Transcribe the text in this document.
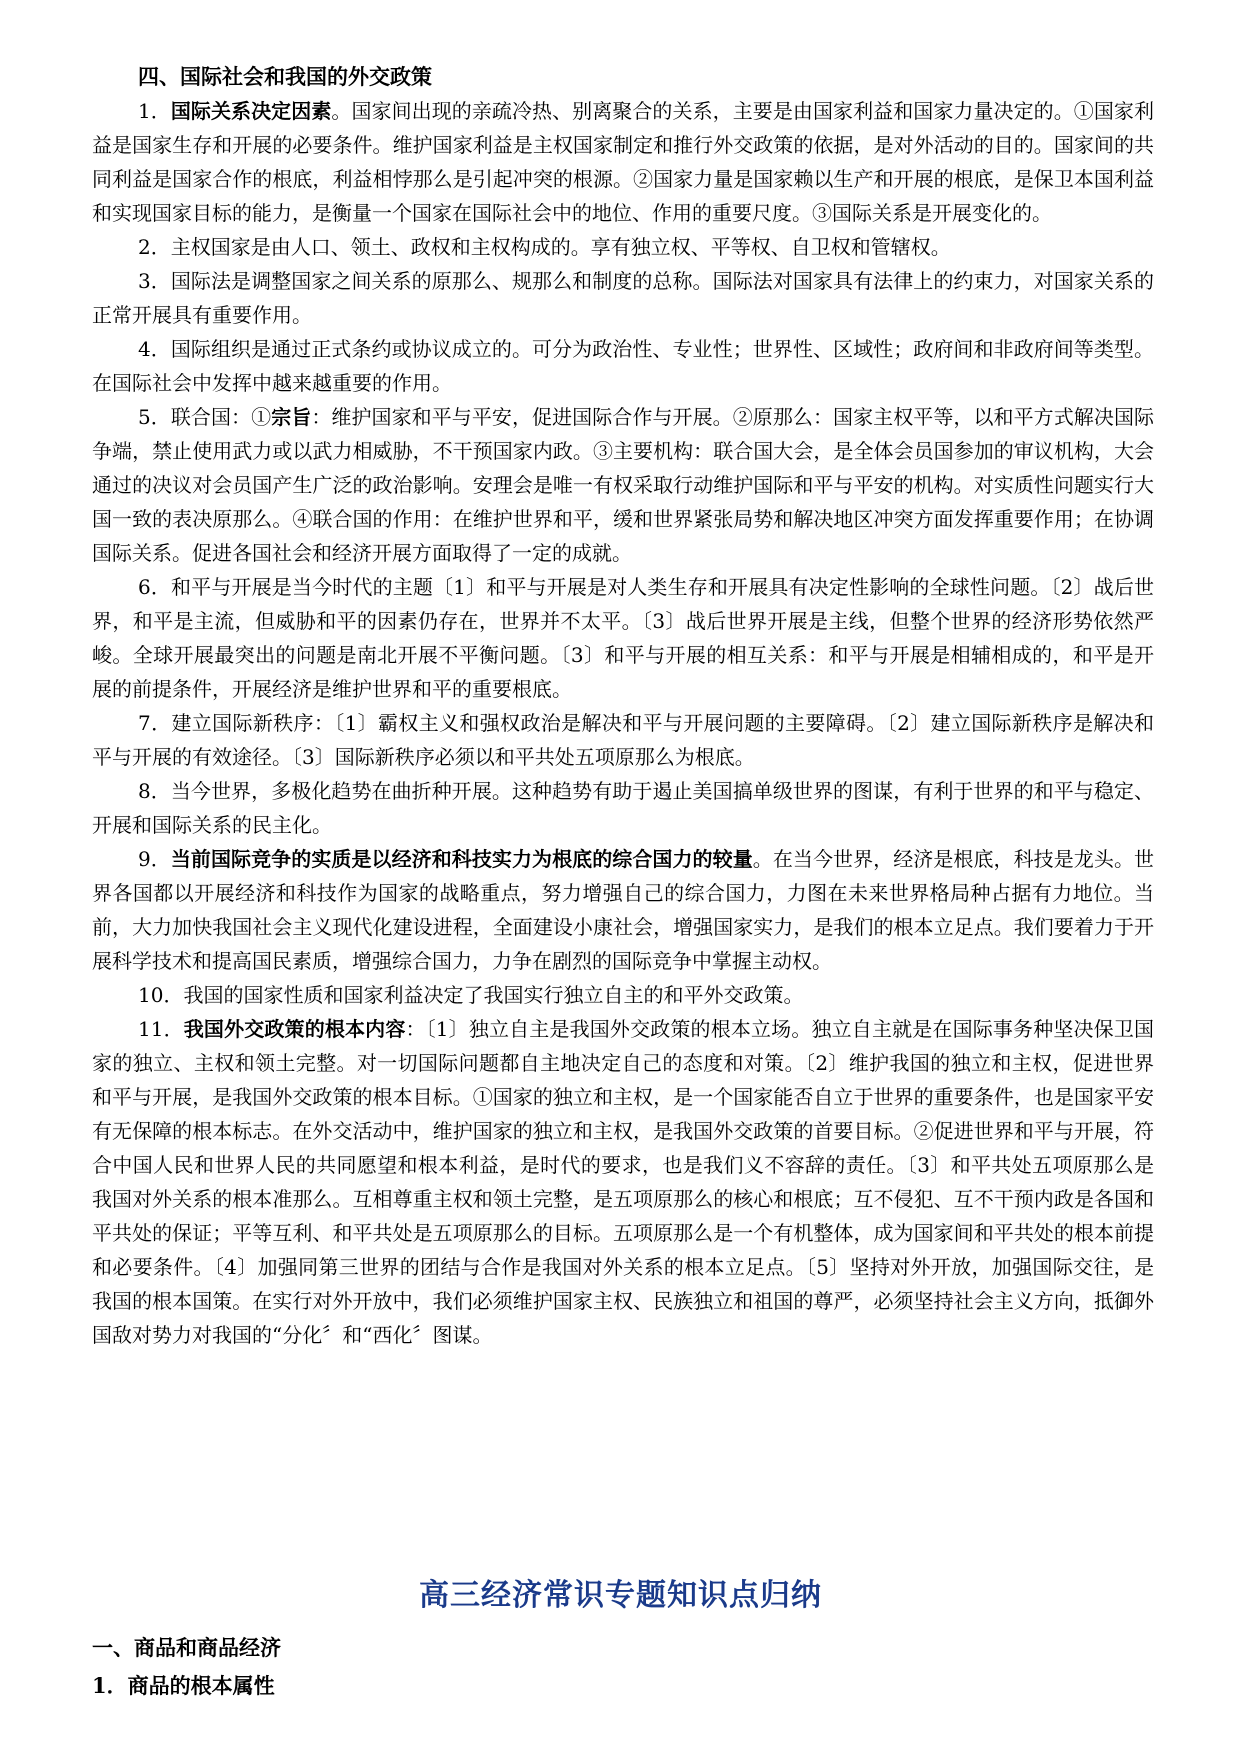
四、国际社会和我国的外交政策

1．国际关系决定因素。国家间出现的亲疏冷热、别离聚合的关系，主要是由国家利益和国家力量决定的。①国家利益是国家生存和开展的必要条件。维护国家利益是主权国家制定和推行外交政策的依据，是对外活动的目的。国家间的共同利益是国家合作的根底，利益相悖那么是引起冲突的根源。②国家力量是国家赖以生产和开展的根底，是保卫本国利益和实现国家目标的能力，是衡量一个国家在国际社会中的地位、作用的重要尺度。③国际关系是开展变化的。

2．主权国家是由人口、领土、政权和主权构成的。享有独立权、平等权、自卫权和管辖权。

3．国际法是调整国家之间关系的原那么、规那么和制度的总称。国际法对国家具有法律上的约束力，对国家关系的正常开展具有重要作用。

4．国际组织是通过正式条约或协议成立的。可分为政治性、专业性；世界性、区域性；政府间和非政府间等类型。在国际社会中发挥中越来越重要的作用。

5．联合国：①宗旨：维护国家和平与平安，促进国际合作与开展。②原那么：国家主权平等，以和平方式解决国际争端，禁止使用武力或以武力相威胁，不干预国家内政。③主要机构：联合国大会，是全体会员国参加的审议机构，大会通过的决议对会员国产生广泛的政治影响。安理会是唯一有权采取行动维护国际和平与平安的机构。对实质性问题实行大国一致的表决原那么。④联合国的作用：在维护世界和平，缓和世界紧张局势和解决地区冲突方面发挥重要作用；在协调国际关系。促进各国社会和经济开展方面取得了一定的成就。

6．和平与开展是当今时代的主题〔1〕和平与开展是对人类生存和开展具有决定性影响的全球性问题。〔2〕战后世界，和平是主流，但威胁和平的因素仍存在，世界并不太平。〔3〕战后世界开展是主线，但整个世界的经济形势依然严峻。全球开展最突出的问题是南北开展不平衡问题。〔3〕和平与开展的相互关系：和平与开展是相辅相成的，和平是开展的前提条件，开展经济是维护世界和平的重要根底。

7．建立国际新秩序：〔1〕霸权主义和强权政治是解决和平与开展问题的主要障碍。〔2〕建立国际新秩序是解决和平与开展的有效途径。〔3〕国际新秩序必须以和平共处五项原那么为根底。

8．当今世界，多极化趋势在曲折种开展。这种趋势有助于遏止美国搞单级世界的图谋，有利于世界的和平与稳定、开展和国际关系的民主化。

9．当前国际竞争的实质是以经济和科技实力为根底的综合国力的较量。在当今世界，经济是根底，科技是龙头。世界各国都以开展经济和科技作为国家的战略重点，努力增强自己的综合国力，力图在未来世界格局种占据有力地位。当前，大力加快我国社会主义现代化建设进程，全面建设小康社会，增强国家实力，是我们的根本立足点。我们要着力于开展科学技术和提高国民素质，增强综合国力，力争在剧烈的国际竞争中掌握主动权。

10．我国的国家性质和国家利益决定了我国实行独立自主的和平外交政策。

11．我国外交政策的根本内容：〔1〕独立自主是我国外交政策的根本立场。独立自主就是在国际事务种坚决保卫国家的独立、主权和领土完整。对一切国际问题都自主地决定自己的态度和对策。〔2〕维护我国的独立和主权，促进世界和平与开展，是我国外交政策的根本目标。①国家的独立和主权，是一个国家能否自立于世界的重要条件，也是国家平安有无保障的根本标志。在外交活动中，维护国家的独立和主权，是我国外交政策的首要目标。②促进世界和平与开展，符合中国人民和世界人民的共同愿望和根本利益，是时代的要求，也是我们义不容辞的责任。〔3〕和平共处五项原那么是我国对外关系的根本准那么。互相尊重主权和领土完整，是五项原那么的核心和根底；互不侵犯、互不干预内政是各国和平共处的保证；平等互利、和平共处是五项原那么的目标。五项原那么是一个有机整体，成为国家间和平共处的根本前提和必要条件。〔4〕加强同第三世界的团结与合作是我国对外关系的根本立足点。〔5〕坚持对外开放，加强国际交往，是我国的根本国策。在实行对外开放中，我们必须维护国家主权、民族独立和祖国的尊严，必须坚持社会主义方向，抵御外国敌对势力对我国的“分化〞和“西化〞图谋。

高三经济常识专题知识点归纳
一、商品和商品经济
1．商品的根本属性
